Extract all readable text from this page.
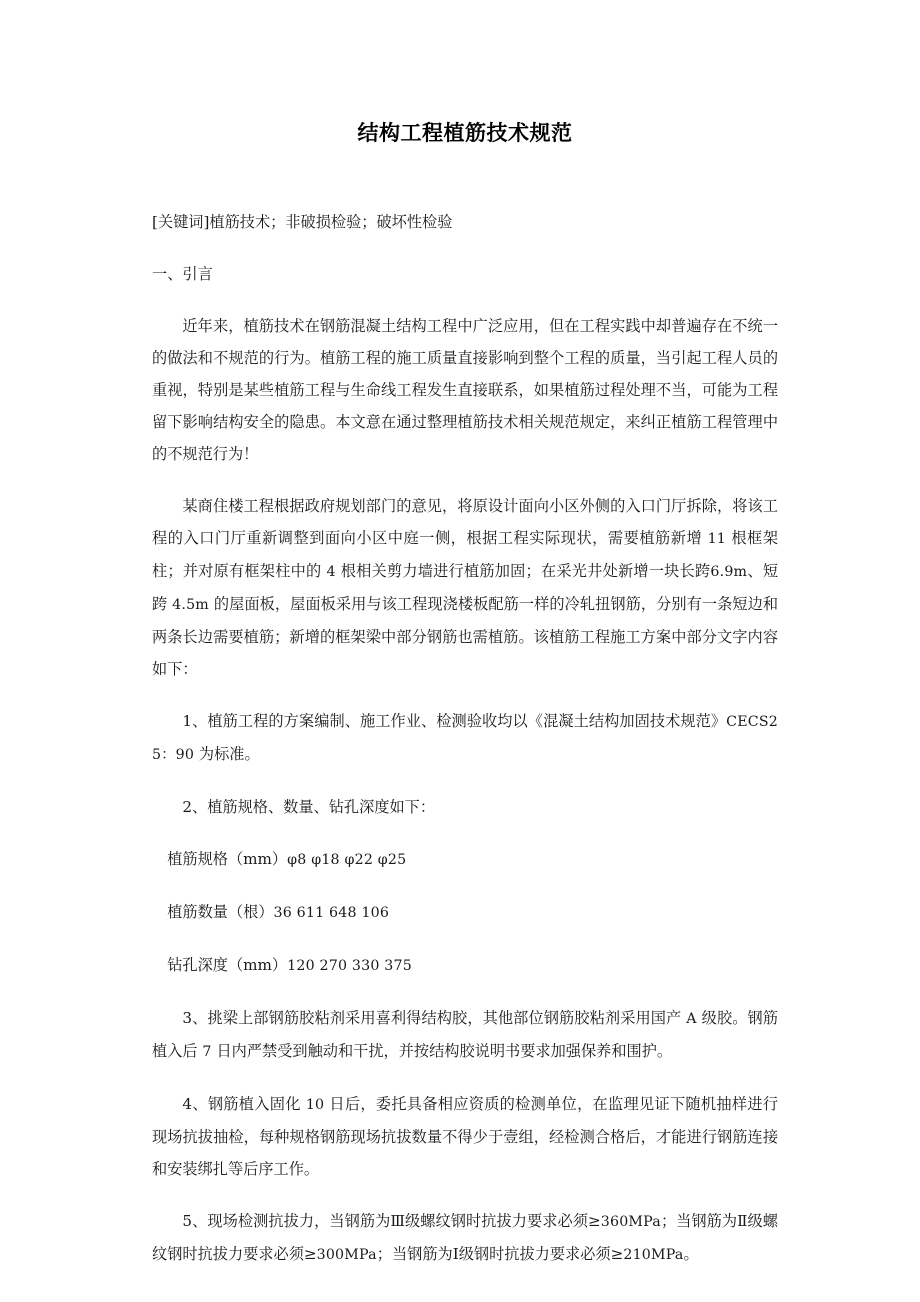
结构工程植筋技术规范

[关键词]植筋技术；非破损检验；破坏性检验

一、引言

近年来，植筋技术在钢筋混凝土结构工程中广泛应用，但在工程实践中却普遍存在不统一的做法和不规范的行为。植筋工程的施工质量直接影响到整个工程的质量，当引起工程人员的重视，特别是某些植筋工程与生命线工程发生直接联系，如果植筋过程处理不当，可能为工程留下影响结构安全的隐患。本文意在通过整理植筋技术相关规范规定，来纠正植筋工程管理中的不规范行为！

某商住楼工程根据政府规划部门的意见，将原设计面向小区外侧的入口门厅拆除，将该工程的入口门厅重新调整到面向小区中庭一侧，根据工程实际现状，需要植筋新增 11 根框架柱；并对原有框架柱中的 4 根相关剪力墙进行植筋加固；在采光井处新增一块长跨6.9m、短跨 4.5m 的屋面板，屋面板采用与该工程现浇楼板配筋一样的冷轧扭钢筋，分别有一条短边和两条长边需要植筋；新增的框架梁中部分钢筋也需植筋。该植筋工程施工方案中部分文字内容如下：

1、植筋工程的方案编制、施工作业、检测验收均以《混凝土结构加固技术规范》CECS25：90 为标准。

2、植筋规格、数量、钻孔深度如下：

植筋规格（mm）φ8 φ18 φ22 φ25

植筋数量（根）36 611 648 106

钻孔深度（mm）120 270 330 375

3、挑梁上部钢筋胶粘剂采用喜利得结构胶，其他部位钢筋胶粘剂采用国产 A 级胶。钢筋植入后 7 日内严禁受到触动和干扰，并按结构胶说明书要求加强保养和围护。

4、钢筋植入固化 10 日后，委托具备相应资质的检测单位，在监理见证下随机抽样进行现场抗拔抽检，每种规格钢筋现场抗拔数量不得少于壹组，经检测合格后，才能进行钢筋连接和安装绑扎等后序工作。

5、现场检测抗拔力，当钢筋为Ⅲ级螺纹钢时抗拔力要求必须≥360MPa；当钢筋为Ⅱ级螺纹钢时抗拔力要求必须≥300MPa；当钢筋为Ⅰ级钢时抗拔力要求必须≥210MPa。
